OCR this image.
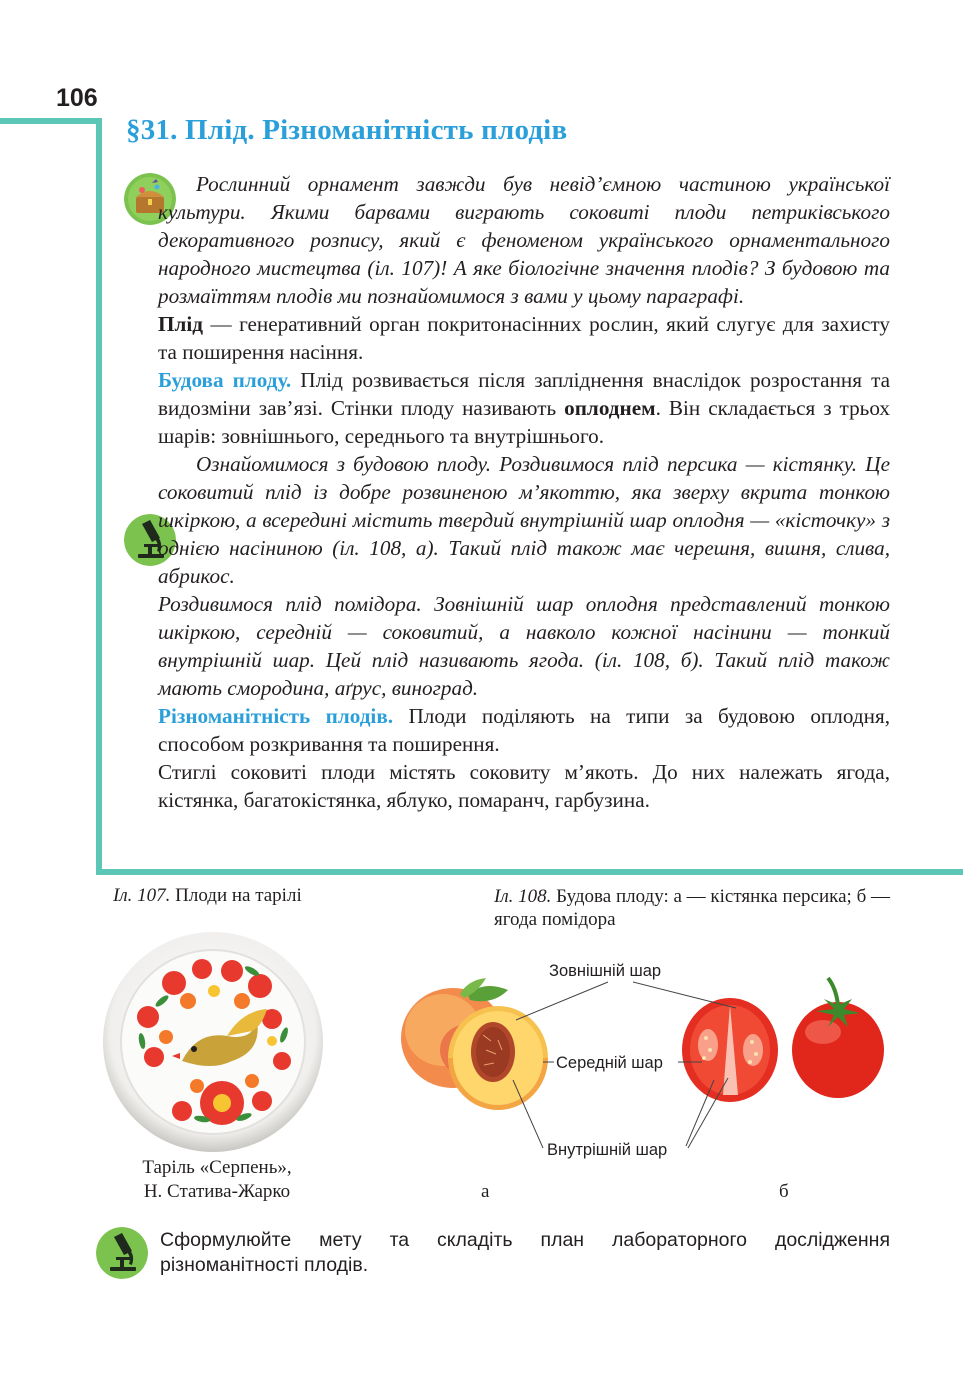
106
§31. Плід. Різноманітність плодів

Рослинний орнамент завжди був невід’ємною частиною української культури. Якими барвами виграють соковиті плоди петриківського декоративного розпису, який є феноменом українського орнаментального народного мистецтва (іл. 107)! А яке біологічне значення плодів? З будовою та розмаїттям плодів ми познайомимося з вами у цьому параграфі.

Плід — генеративний орган покритонасінних рослин, який слугує для захисту та поширення насіння.

Будова плоду. Плід розвивається після запліднення внаслідок розростання та видозміни зав’язі. Стінки плоду називають оплоднем. Він складається з трьох шарів: зовнішнього, середнього та внутрішнього.

Ознайомимося з будовою плоду. Роздивимося плід персика — кістянку. Це соковитий плід із добре розвиненою м’якоттю, яка зверху вкрита тонкою шкіркою, а всередині містить твердий внутрішній шар оплодня — «кісточку» з однією насіниною (іл. 108, а). Такий плід також має черешня, вишня, слива, абрикос.

Роздивимося плід помідора. Зовнішній шар оплодня представлений тонкою шкіркою, середній — соковитий, а навколо кожної насінини — тонкий внутрішній шар. Цей плід називають ягода. (іл. 108, б). Такий плід також мають смородина, аґрус, виноград.

Різноманітність плодів. Плоди поділяють на типи за будовою оплодня, способом розкривання та поширення.

Стиглі соковиті плоди містять соковиту м’якоть. До них належать ягода, кістянка, багатокістянка, яблуко, помаранч, гарбузина.

Іл. 107. Плоди на тарілі	Іл. 108. Будова плоду: а — кістянка персика; б — ягода помідора
Таріль «Серпень»,
Н. Статива-Жарко
Зовнішній шар
Середній шар
Внутрішній шар
а	б
Сформулюйте мету та складіть план лабораторного дослідження різноманітності плодів.
